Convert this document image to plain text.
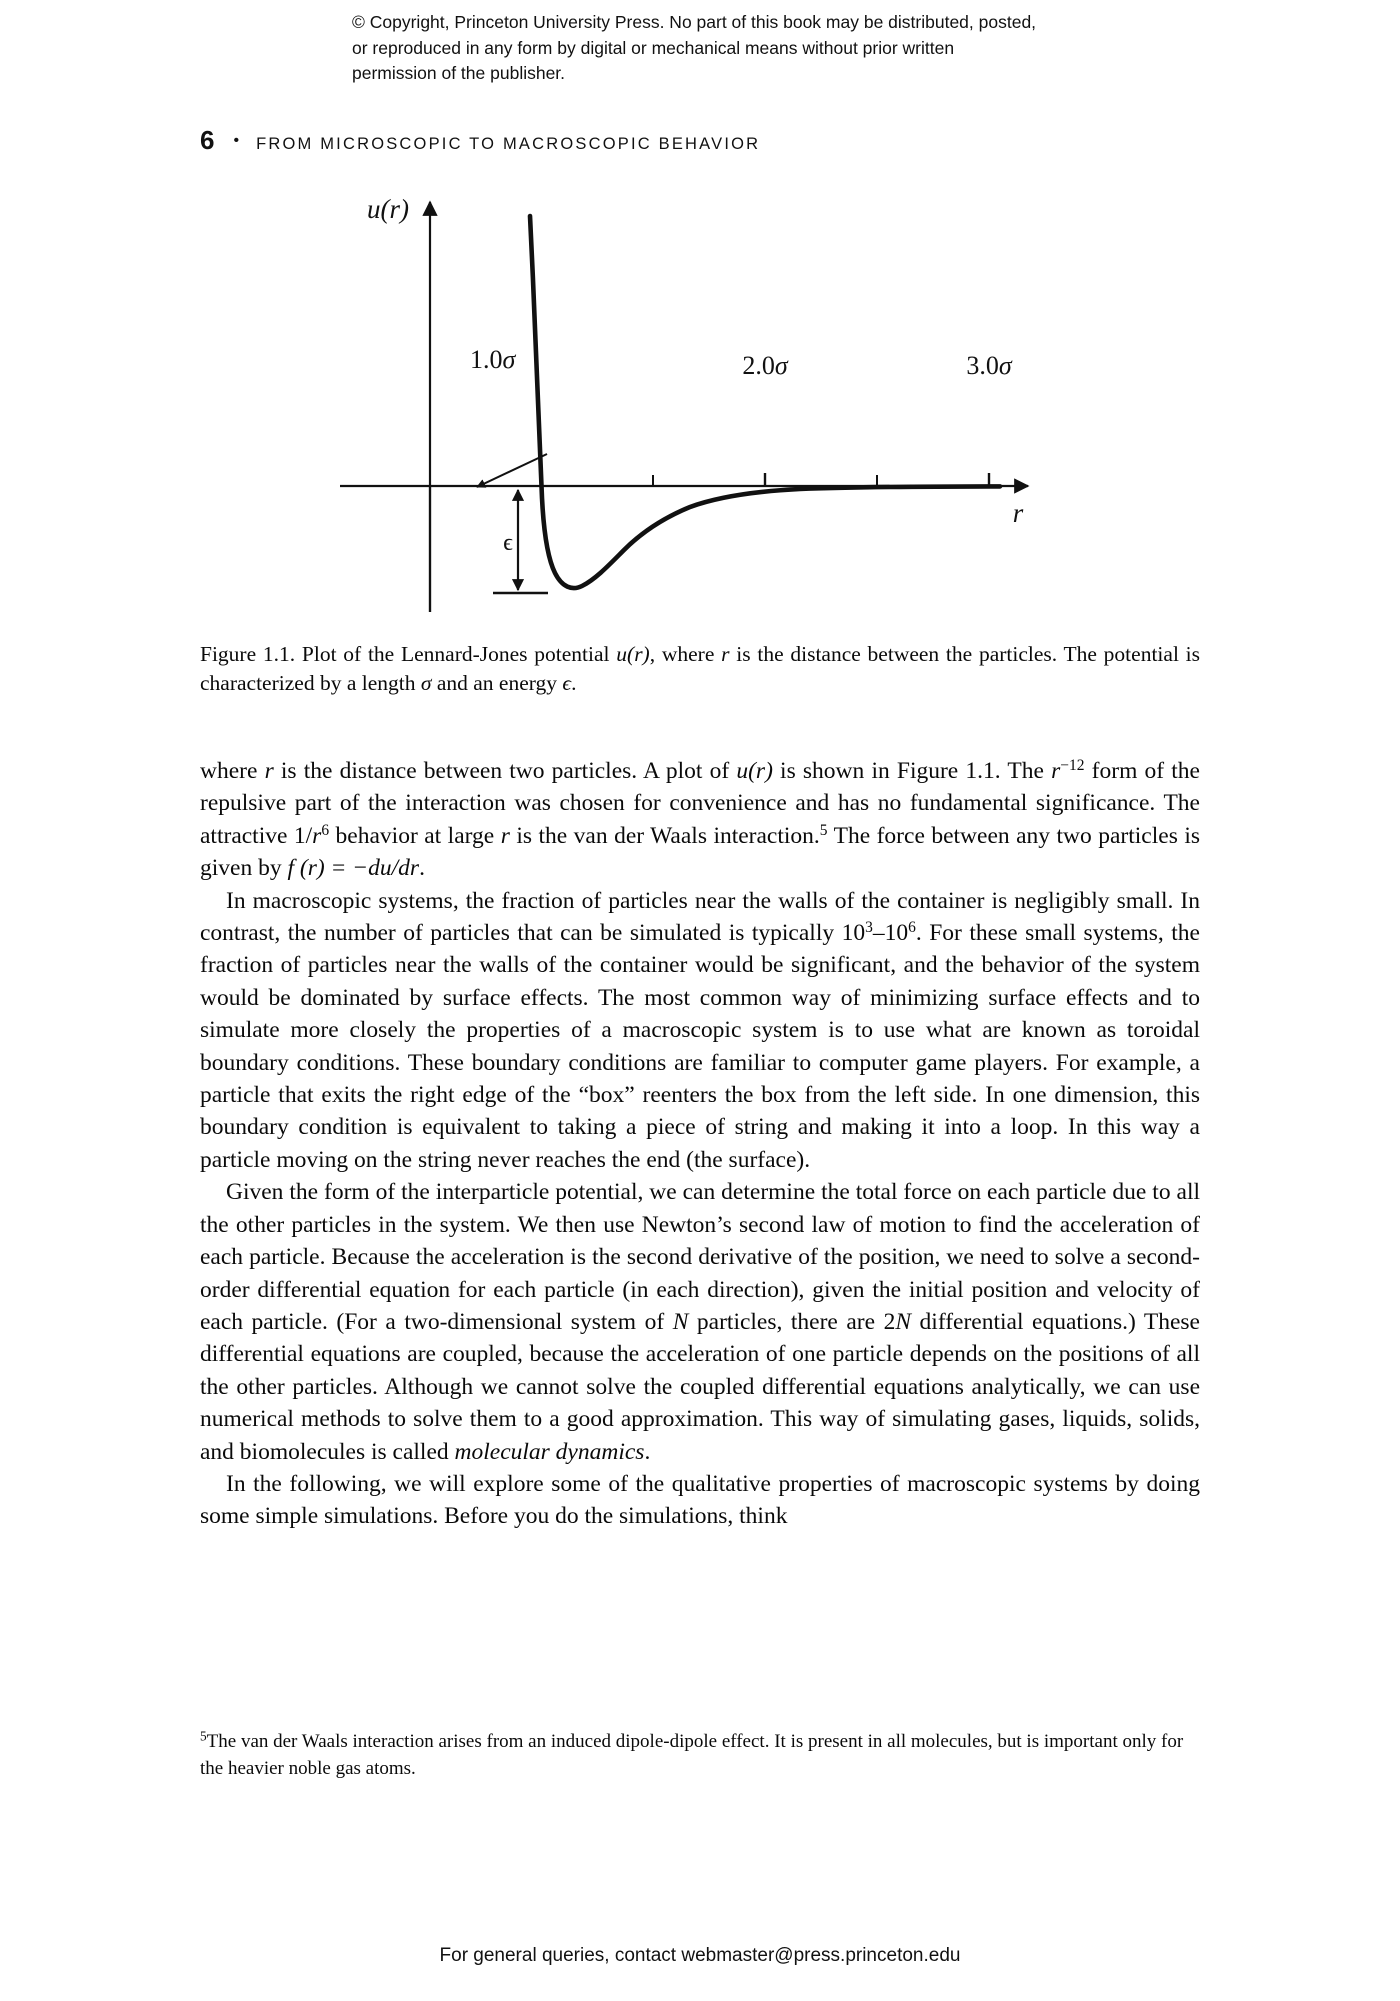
© Copyright, Princeton University Press. No part of this book may be distributed, posted, or reproduced in any form by digital or mechanical means without prior written permission of the publisher.
6 • FROM MICROSCOPIC TO MACROSCOPIC BEHAVIOR
u(r)
r
1.0σ	2.0σ	3.0σ
ϵ
Figure 1.1. Plot of the Lennard-Jones potential u(r), where r is the distance between the particles. The potential is characterized by a length σ and an energy ϵ.

where r is the distance between two particles. A plot of u(r) is shown in Figure 1.1. The $r^{-12}$ form of the repulsive part of the interaction was chosen for convenience and has no fundamental significance. The attractive $1/r^6$ behavior at large r is the van der Waals interaction.$^5$ The force between any two particles is given by f (r) = −du/dr.

In macroscopic systems, the fraction of particles near the walls of the container is negligibly small. In contrast, the number of particles that can be simulated is typically $10^3-10^6$. For these small systems, the fraction of particles near the walls of the container would be significant, and the behavior of the system would be dominated by surface effects. The most common way of minimizing surface effects and to simulate more closely the properties of a macroscopic system is to use what are known as toroidal boundary conditions. These boundary conditions are familiar to computer game players. For example, a particle that exits the right edge of the “box” reenters the box from the left side. In one dimension, this boundary condition is equivalent to taking a piece of string and making it into a loop. In this way a particle moving on the string never reaches the end (the surface).

Given the form of the interparticle potential, we can determine the total force on each particle due to all the other particles in the system. We then use Newton’s second law of motion to find the acceleration of each particle. Because the acceleration is the second derivative of the position, we need to solve a second-order differential equation for each particle (in each direction), given the initial position and velocity of each particle. (For a two-dimensional system of N particles, there are 2N differential equations.) These differential equations are coupled, because the acceleration of one particle depends on the positions of all the other particles. Although we cannot solve the coupled differential equations analytically, we can use numerical methods to solve them to a good approximation. This way of simulating gases, liquids, solids, and biomolecules is called molecular dynamics.

In the following, we will explore some of the qualitative properties of macroscopic systems by doing some simple simulations. Before you do the simulations, think

$^5$The van der Waals interaction arises from an induced dipole-dipole effect. It is present in all molecules, but is important only for the heavier noble gas atoms.
For general queries, contact webmaster@press.princeton.edu
